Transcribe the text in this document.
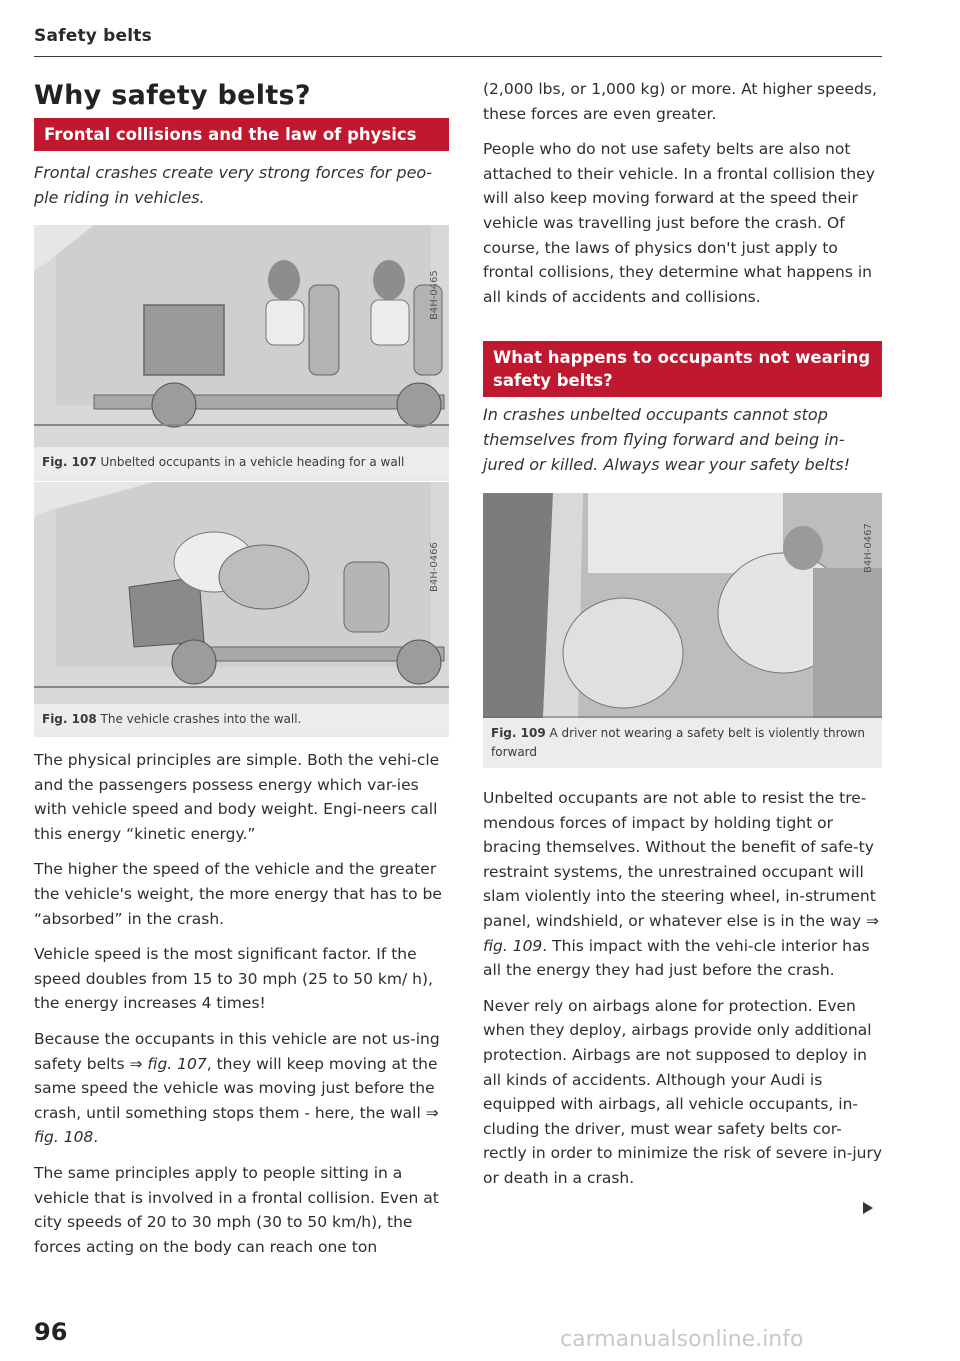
Safety belts
Why safety belts?
Frontal collisions and the law of physics
Frontal crashes create very strong forces for peo-ple riding in vehicles.
B4H-0465
Fig. 107 Unbelted occupants in a vehicle heading for a wall
B4H-0466
Fig. 108 The vehicle crashes into the wall.

The physical principles are simple. Both the vehi-cle and the passengers possess energy which var-ies with vehicle speed and body weight. Engi-neers call this energy “kinetic energy.”

The higher the speed of the vehicle and the greater the vehicle's weight, the more energy that has to be “absorbed” in the crash.

Vehicle speed is the most significant factor. If the speed doubles from 15 to 30 mph (25 to 50 km/ h), the energy increases 4 times!

Because the occupants in this vehicle are not us-ing safety belts ⇒ fig. 107, they will keep moving at the same speed the vehicle was moving just before the crash, until something stops them - here, the wall ⇒ fig. 108.

The same principles apply to people sitting in a vehicle that is involved in a frontal collision. Even at city speeds of 20 to 30 mph (30 to 50 km/h), the forces acting on the body can reach one ton

(2,000 lbs, or 1,000 kg) or more. At higher speeds, these forces are even greater.

People who do not use safety belts are also not attached to their vehicle. In a frontal collision they will also keep moving forward at the speed their vehicle was travelling just before the crash. Of course, the laws of physics don't just apply to frontal collisions, they determine what happens in all kinds of accidents and collisions.

What happens to occupants not wearing safety belts?
In crashes unbelted occupants cannot stop themselves from flying forward and being in-jured or killed. Always wear your safety belts!
B4H-0467
Fig. 109 A driver not wearing a safety belt is violently thrown forward

Unbelted occupants are not able to resist the tre-mendous forces of impact by holding tight or bracing themselves. Without the benefit of safe-ty restraint systems, the unrestrained occupant will slam violently into the steering wheel, in-strument panel, windshield, or whatever else is in the way ⇒ fig. 109. This impact with the vehi-cle interior has all the energy they had just before the crash.

Never rely on airbags alone for protection. Even when they deploy, airbags provide only additional protection. Airbags are not supposed to deploy in all kinds of accidents. Although your Audi is equipped with airbags, all vehicle occupants, in-cluding the driver, must wear safety belts cor-rectly in order to minimize the risk of severe in-jury or death in a crash.

96	carmanualsonline.info
